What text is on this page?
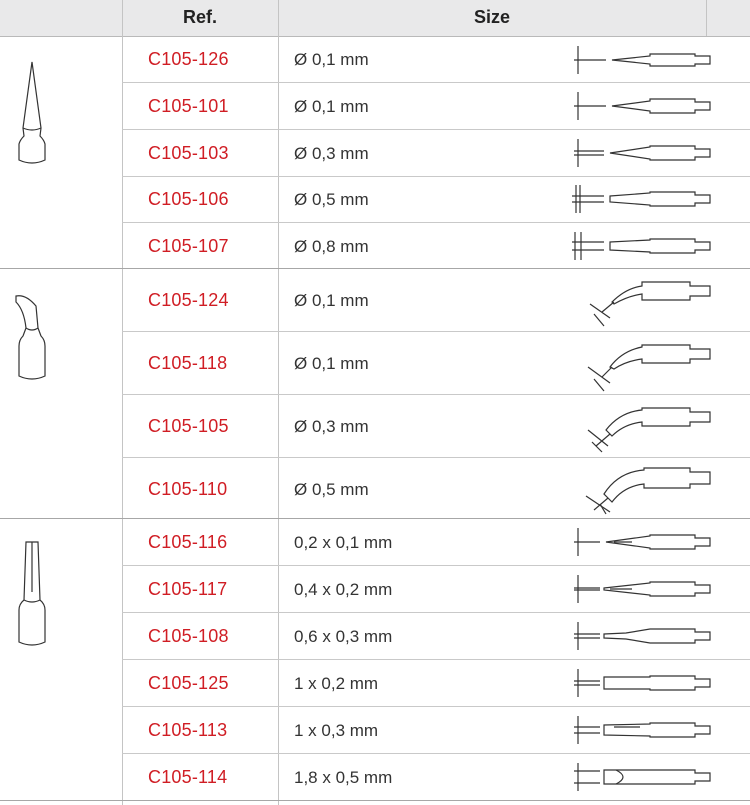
Ref.	Size
C105-126	Ø 0,1 mm
C105-101	Ø 0,1 mm
C105-103	Ø 0,3 mm
C105-106	Ø 0,5 mm
C105-107	Ø 0,8 mm
C105-124	Ø 0,1 mm
C105-118	Ø 0,1 mm
C105-105	Ø 0,3 mm
C105-110	Ø 0,5 mm
C105-116	0,2 x 0,1 mm
C105-117	0,4 x 0,2 mm
C105-108	0,6 x 0,3 mm
C105-125	1 x 0,2 mm
C105-113	1 x 0,3 mm
C105-114	1,8 x 0,5 mm
